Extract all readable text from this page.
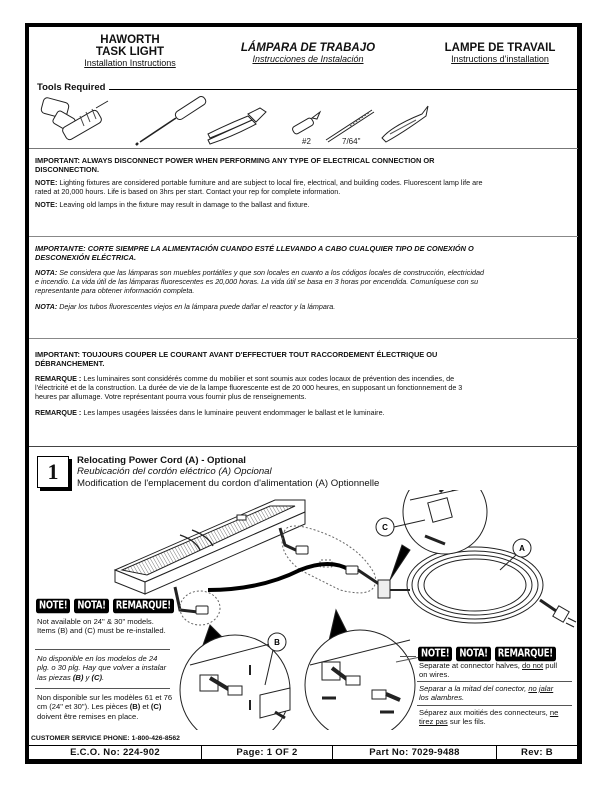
HAWORTH
TASK LIGHT
Installation Instructions
LÁMPARA DE TRABAJO
Instrucciones de Instalación
LAMPE DE TRAVAIL
Instructions d'installation
Tools Required
#2	7/64"
IMPORTANT: ALWAYS DISCONNECT POWER WHEN PERFORMING ANY TYPE OF ELECTRICAL CONNECTION OR DISCONNECTION.
NOTE: Lighting fixtures are considered portable furniture and are subject to local fire, electrical, and building codes. Fluorescent lamp life are rated at 20,000 hours. Life is based on 3hrs per start. Contact your rep for complete information.
NOTE: Leaving old lamps in the fixture may result in damage to the ballast and fixture.
IMPORTANTE: CORTE SIEMPRE LA ALIMENTACIÓN CUANDO ESTÉ LLEVANDO A CABO CUALQUIER TIPO DE CONEXIÓN O DESCONEXIÓN ELÉCTRICA.
NOTA: Se considera que las lámparas son muebles portátiles y que son locales en cuanto a los códigos locales de construcción, electricidad e incendio. La vida útil de las lámparas fluorescentes es 20,000 horas. La vida útil se basa en 3 horas por encendida. Comuníquese con su representante para obtener información completa.
NOTA: Dejar los tubos fluorescentes viejos en la lámpara puede dañar el reactor y la lámpara.
IMPORTANT: TOUJOURS COUPER LE COURANT AVANT D'EFFECTUER TOUT RACCORDEMENT ÉLECTRIQUE OU DÉBRANCHEMENT.
REMARQUE : Les luminaires sont considérés comme du mobilier et sont soumis aux codes locaux de prévention des incendies, de l'électricité et de la construction. La durée de vie de la lampe fluorescente est de 20 000 heures, en supposant un fonctionnement de 3 heures par allumage. Votre représentant pourra vous fournir plus de renseignements.
REMARQUE : Les lampes usagées laissées dans le luminaire peuvent endommager le ballast et le luminaire.
1	Relocating Power Cord (A) - Optional
Reubicación del cordón eléctrico (A) Opcional
Modification de l'emplacement du cordon d'alimentation (A) Optionnelle
A
C
B
NOTE!	NOTA!	REMARQUE!
Not available on 24" & 30" models. Items (B) and (C) must be re-installed.
No disponible en los modelos de 24 plg. o 30 plg. Hay que volver a instalar las piezas (B) y (C).
Non disponible sur les modèles 61 et 76 cm (24" et 30"). Les pièces (B) et (C) doivent être remises en place.
NOTE!	NOTA!	REMARQUE!
Separate at connector halves, do not pull on wires.
Separar a la mitad del conector, no jalar los alambres.
Séparez aux moitiés des connecteurs, ne tirez pas sur les fils.
CUSTOMER SERVICE PHONE: 1-800-426-8562
E.C.O. No: 224-902	Page: 1 OF 2	Part No: 7029-9488	Rev: B
